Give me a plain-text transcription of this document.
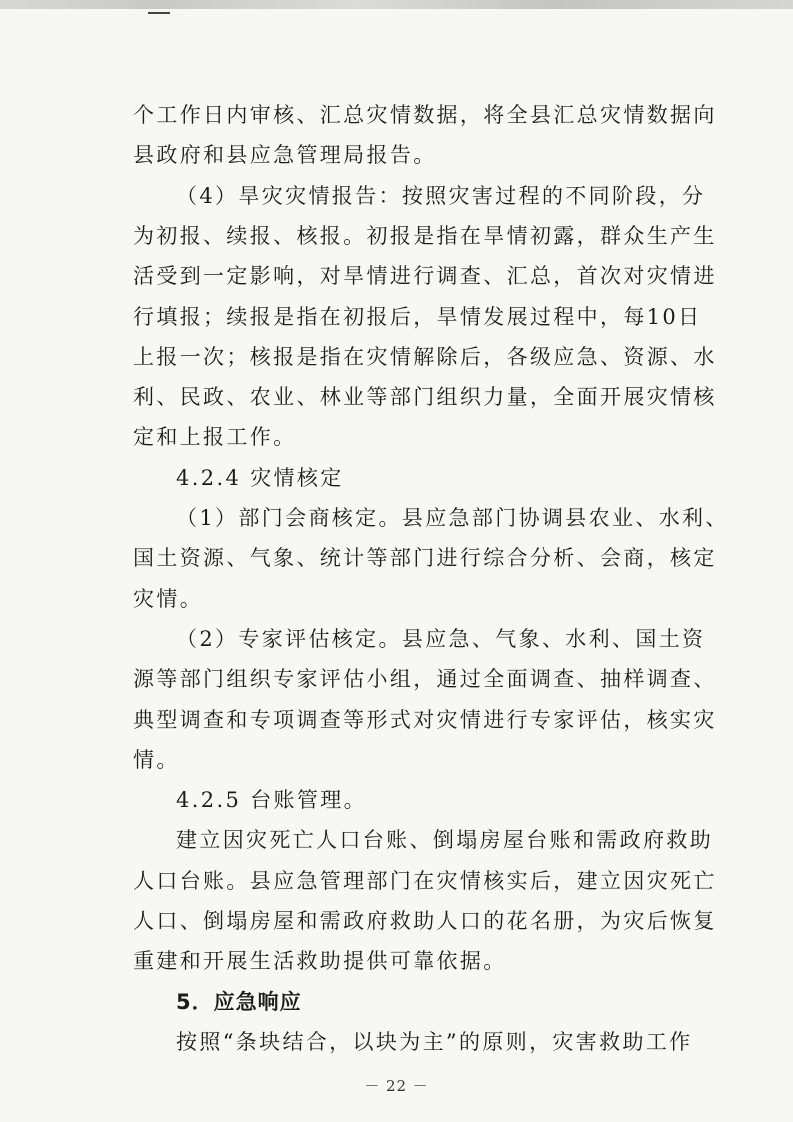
个工作日内审核、汇总灾情数据，将全县汇总灾情数据向
县政府和县应急管理局报告。
（4）旱灾灾情报告：按照灾害过程的不同阶段，分
为初报、续报、核报。初报是指在旱情初露，群众生产生
活受到一定影响，对旱情进行调查、汇总，首次对灾情进
行填报；续报是指在初报后，旱情发展过程中，每10日
上报一次；核报是指在灾情解除后，各级应急、资源、水
利、民政、农业、林业等部门组织力量，全面开展灾情核
定和上报工作。
4.2.4 灾情核定
（1）部门会商核定。县应急部门协调县农业、水利、
国土资源、气象、统计等部门进行综合分析、会商，核定
灾情。
（2）专家评估核定。县应急、气象、水利、国土资
源等部门组织专家评估小组，通过全面调查、抽样调查、
典型调查和专项调查等形式对灾情进行专家评估，核实灾
情。
4.2.5 台账管理。
建立因灾死亡人口台账、倒塌房屋台账和需政府救助
人口台账。县应急管理部门在灾情核实后，建立因灾死亡
人口、倒塌房屋和需政府救助人口的花名册，为灾后恢复
重建和开展生活救助提供可靠依据。
5．应急响应
按照“条块结合，以块为主”的原则，灾害救助工作
－ 22 －
